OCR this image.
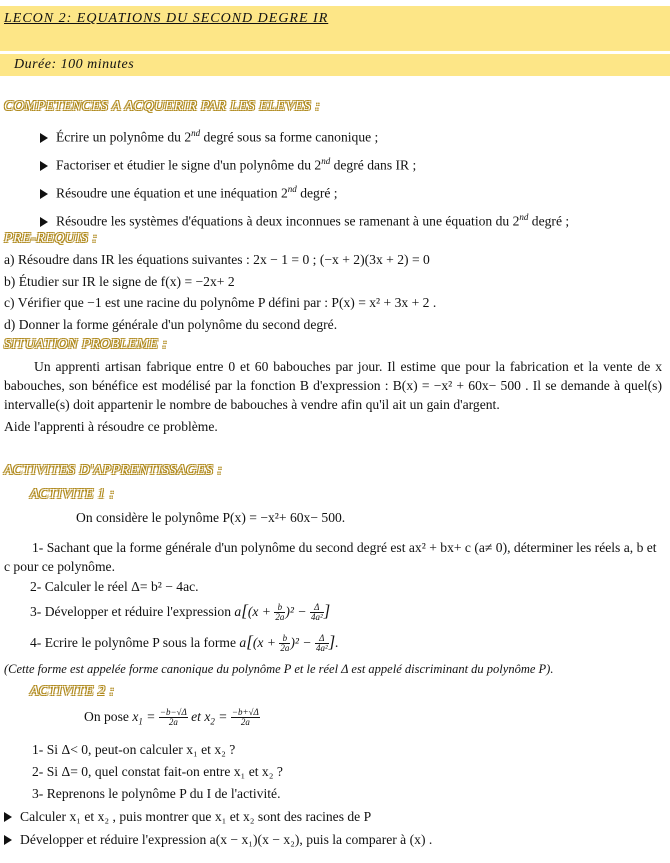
LECON 2: EQUATIONS DU SECOND DEGRE IR
Durée: 100 minutes
COMPETENCES A ACQUERIR PAR LES ELEVES :
Écrire un polynôme du 2nd degré sous sa forme canonique ;
Factoriser et étudier le signe d'un polynôme du 2nd degré dans IR ;
Résoudre une équation et une inéquation 2nd degré ;
Résoudre les systèmes d'équations à deux inconnues se ramenant à une équation du 2nd degré ;
PRE-REQUIS :
a) Résoudre dans IR les équations suivantes : 2x − 1 = 0 ; (−x + 2)(3x + 2) = 0
b) Étudier sur IR le signe de f(x) = −2x+ 2
c) Vérifier que −1 est une racine du polynôme P défini par : P(x) = x² + 3x + 2 .
d) Donner la forme générale d'un polynôme du second degré.
SITUATION PROBLEME :
Un apprenti artisan fabrique entre 0 et 60 babouches par jour. Il estime que pour la fabrication et la vente de x babouches, son bénéfice est modélisé par la fonction B d'expression : B(x) = −x² + 60x− 500 . Il se demande à quel(s) intervalle(s) doit appartenir le nombre de babouches à vendre afin qu'il ait un gain d'argent.
Aide l'apprenti à résoudre ce problème.
ACTIVITES D'APPRENTISSAGES :
ACTIVITE 1 :
On considère le polynôme P(x) = −x²+ 60x− 500.
1- Sachant que la forme générale d'un polynôme du second degré est ax² + bx+ c (a≠ 0), déterminer les réels a, b et c pour ce polynôme.
2- Calculer le réel Δ= b² − 4ac.
3- Développer et réduire l'expression $a[(x + \frac{b}{2a} )^2 - \frac{\Delta}{\text{4a²}}$ ]
4- Ecrire le polynôme P sous la forme $a[(x + \frac{b}{2a} )^2 - \frac{\Delta}{\text{4a²}}$ ].
(Cette forme est appelée forme canonique du polynôme P et le réel Δ est appelé discriminant du polynôme P).
ACTIVITE 2 :
On pose $x_1 = \frac{-b-√\Delta}{2a}$ et $x_2 = \frac{-b+√\Delta}{2a}$
1- Si Δ< 0, peut-on calculer x₁ et x₂ ?
2- Si Δ= 0, quel constat fait-on entre x₁ et x₂ ?
3- Reprenons le polynôme P du I de l'activité.
Calculer x₁ et x₂ , puis montrer que x₁ et x₂ sont des racines de P
Développer et réduire l'expression a(x − x₁)(x − x₂), puis la comparer à (x) .
